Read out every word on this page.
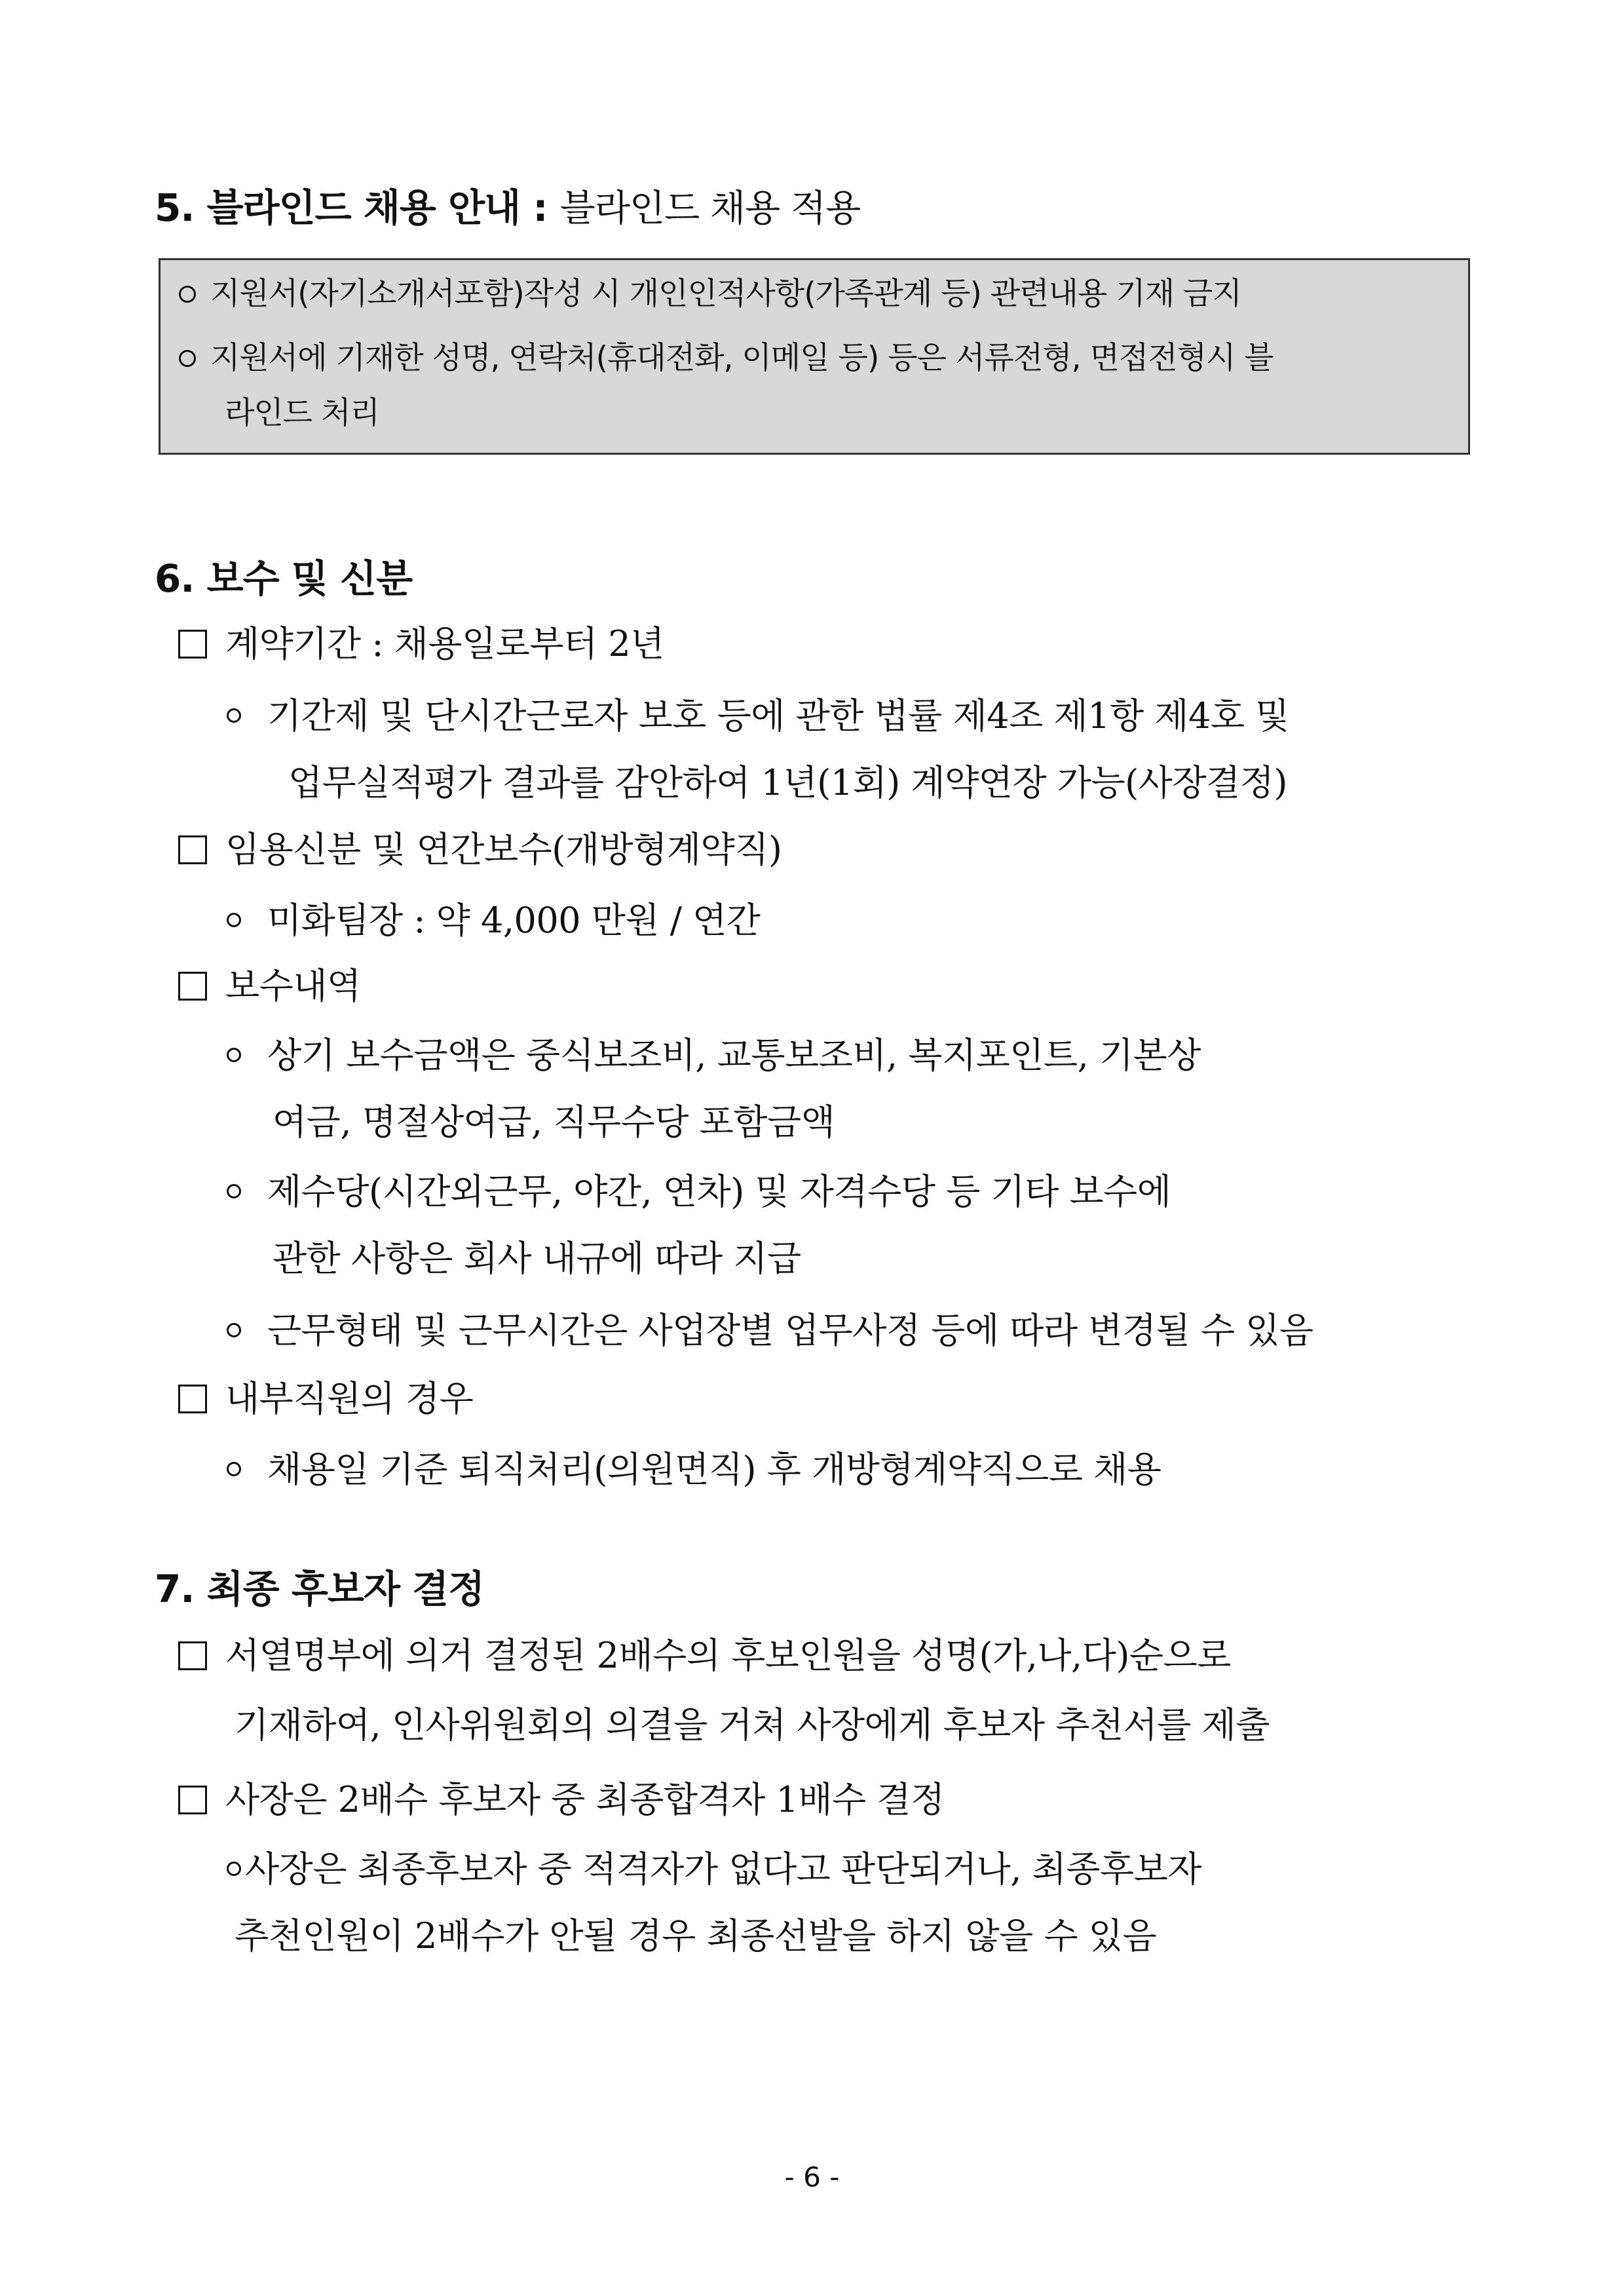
5. 블라인드 채용 안내 : 블라인드 채용 적용
지원서(자기소개서포함)작성 시 개인인적사항(가족관계 등) 관련내용 기재 금지
지원서에 기재한 성명, 연락처(휴대전화, 이메일 등) 등은 서류전형, 면접전형시 블
라인드 처리
6. 보수 및 신분
계약기간 : 채용일로부터 2년
기간제 및 단시간근로자 보호 등에 관한 법률 제4조 제1항 제4호 및
업무실적평가 결과를 감안하여 1년(1회) 계약연장 가능(사장결정)
임용신분 및 연간보수(개방형계약직)
미화팀장 : 약 4,000 만원 / 연간
보수내역
상기 보수금액은 중식보조비, 교통보조비, 복지포인트, 기본상
여금, 명절상여급, 직무수당 포함금액
제수당(시간외근무, 야간, 연차) 및 자격수당 등 기타 보수에
관한 사항은 회사 내규에 따라 지급
근무형태 및 근무시간은 사업장별 업무사정 등에 따라 변경될 수 있음
내부직원의 경우
채용일 기준 퇴직처리(의원면직) 후 개방형계약직으로 채용
7. 최종 후보자 결정
서열명부에 의거 결정된 2배수의 후보인원을 성명(가,나,다)순으로
기재하여, 인사위원회의 의결을 거쳐 사장에게 후보자 추천서를 제출
사장은 2배수 후보자 중 최종합격자 1배수 결정
사장은 최종후보자 중 적격자가 없다고 판단되거나, 최종후보자
추천인원이 2배수가 안될 경우 최종선발을 하지 않을 수 있음
- 6 -
